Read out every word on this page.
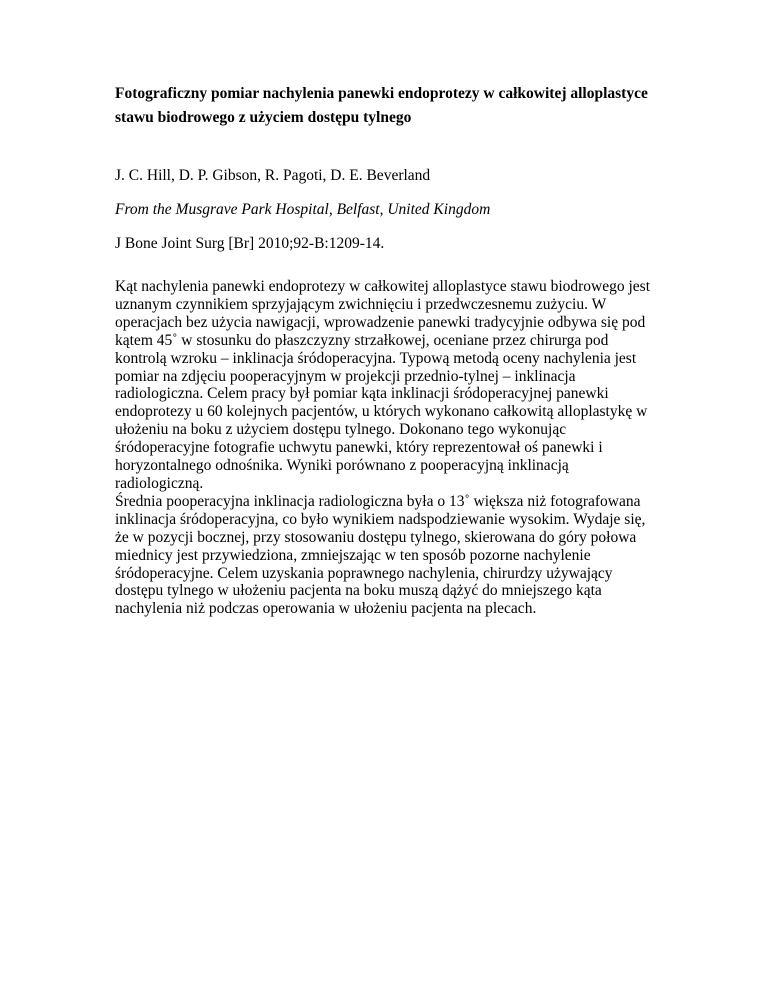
Fotograficzny pomiar nachylenia panewki endoprotezy w całkowitej alloplastyce stawu biodrowego z użyciem dostępu tylnego

J. C. Hill, D. P. Gibson, R. Pagoti, D. E. Beverland

From the Musgrave Park Hospital, Belfast, United Kingdom

J Bone Joint Surg [Br] 2010;92-B:1209-14.

Kąt nachylenia panewki endoprotezy w całkowitej alloplastyce stawu biodrowego jest uznanym czynnikiem sprzyjającym zwichnięciu i przedwczesnemu zużyciu. W operacjach bez użycia nawigacji, wprowadzenie panewki tradycyjnie odbywa się pod kątem 45˚ w stosunku do płaszczyzny strzałkowej, oceniane przez chirurga pod kontrolą wzroku – inklinacja śródoperacyjna. Typową metodą oceny nachylenia jest pomiar na zdjęciu pooperacyjnym w projekcji przednio-tylnej – inklinacja radiologiczna. Celem pracy był pomiar kąta inklinacji śródoperacyjnej panewki endoprotezy u 60 kolejnych pacjentów, u których wykonano całkowitą alloplastykę w ułożeniu na boku z użyciem dostępu tylnego. Dokonano tego wykonując śródoperacyjne fotografie uchwytu panewki, który reprezentował oś panewki i horyzontalnego odnośnika. Wyniki porównano z pooperacyjną inklinacją radiologiczną.

Średnia pooperacyjna inklinacja radiologiczna była o 13˚ większa niż fotografowana inklinacja śródoperacyjna, co było wynikiem nadspodziewanie wysokim. Wydaje się, że w pozycji bocznej, przy stosowaniu dostępu tylnego, skierowana do góry połowa miednicy jest przywiedziona, zmniejszając w ten sposób pozorne nachylenie śródoperacyjne. Celem uzyskania poprawnego nachylenia, chirurdzy używający dostępu tylnego w ułożeniu pacjenta na boku muszą dążyć do mniejszego kąta nachylenia niż podczas operowania w ułożeniu pacjenta na plecach.
